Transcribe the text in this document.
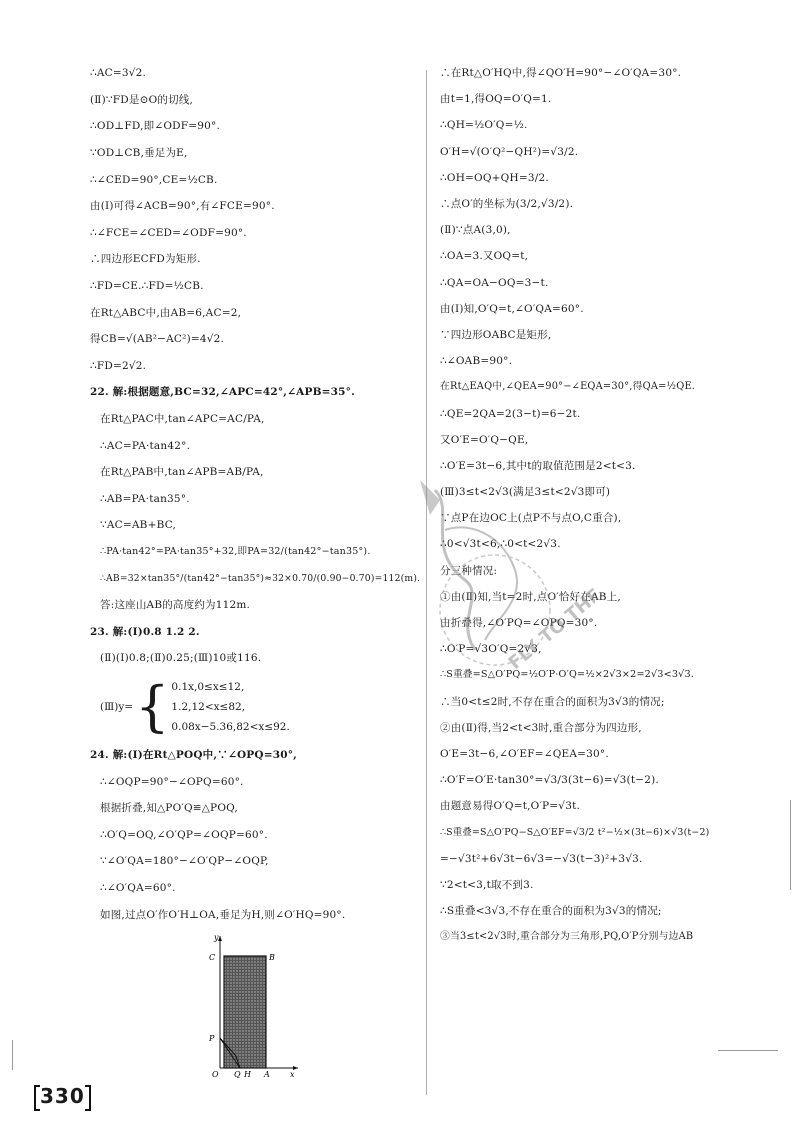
∴AC=3√2.
(Ⅱ)∵FD是⊙O的切线,
∴OD⊥FD,即∠ODF=90°.
∵OD⊥CB,垂足为E,
∴∠CED=90°,CE=½CB.
由(Ⅰ)可得∠ACB=90°,有∠FCE=90°.
∴∠FCE=∠CED=∠ODF=90°.
∴四边形ECFD为矩形.
∴FD=CE.∴FD=½CB.
在Rt△ABC中,由AB=6,AC=2,
得CB=√(AB²−AC²)=4√2.
∴FD=2√2.
22. 解:根据题意,BC=32,∠APC=42°,∠APB=35°.
在Rt△PAC中,tan∠APC=AC/PA,
∴AC=PA·tan42°.
在Rt△PAB中,tan∠APB=AB/PA,
∴AB=PA·tan35°.
∵AC=AB+BC,
∴PA·tan42°=PA·tan35°+32,即PA=32/(tan42°−tan35°).
∴AB=32×tan35°/(tan42°−tan35°)≈32×0.70/(0.90−0.70)=112(m).
答:这座山AB的高度约为112m.
23. 解:(Ⅰ)0.8 1.2 2.
(Ⅱ)(Ⅰ)0.8;(Ⅱ)0.25;(Ⅲ)10或116.
(Ⅲ)y= { 0.1x,0≤x≤12,
1.2,12<x≤82,
0.08x−5.36,82<x≤92.
24. 解:(Ⅰ)在Rt△POQ中,∵∠OPQ=30°,
∴∠OQP=90°−∠OPQ=60°.
根据折叠,知△PO′Q≌△POQ,
∴O′Q=OQ,∠O′QP=∠OQP=60°.
∵∠O′QA=180°−∠O′QP−∠OQP,
∴∠O′QA=60°.
如图,过点O′作O′H⊥OA,垂足为H,则∠O′HQ=90°.
y
C	B
P
O Q H A	x
∴在Rt△O′HQ中,得∠QO′H=90°−∠O′QA=30°.
由t=1,得OQ=O′Q=1.
∴QH=½O′Q=½.
O′H=√(O′Q²−QH²)=√3/2.
∴OH=OQ+QH=3/2.
∴点O′的坐标为(3/2,√3/2).
(Ⅱ)∵点A(3,0),
∴OA=3.又OQ=t,
∴QA=OA−OQ=3−t.
由(Ⅰ)知,O′Q=t,∠O′QA=60°.
∵四边形OABC是矩形,
∴∠OAB=90°.
在Rt△EAQ中,∠QEA=90°−∠EQA=30°,得QA=½QE.
∴QE=2QA=2(3−t)=6−2t.
又O′E=O′Q−QE,
∴O′E=3t−6,其中t的取值范围是2<t<3.
(Ⅲ)3≤t<2√3(满足3≤t<2√3即可)
∵点P在边OC上(点P不与点O,C重合),
∴0<√3t<6,∴0<t<2√3.
分三种情况:
①由(Ⅱ)知,当t=2时,点O′恰好在AB上,
由折叠得,∠O′PQ=∠OPQ=30°.
∴O′P=√3O′Q=2√3,
∴S重叠=S△O′PQ=½O′P·O′Q=½×2√3×2=2√3<3√3.
∴当0<t≤2时,不存在重合的面积为3√3的情况;
②由(Ⅱ)得,当2<t<3时,重合部分为四边形,
O′E=3t−6,∠O′EF=∠QEA=30°.
∴O′F=O′E·tan30°=√3/3(3t−6)=√3(t−2).
由题意易得O′Q=t,O′P=√3t.
∴S重叠=S△O′PQ−S△O′EF=√3/2 t²−½×(3t−6)×√3(t−2)
=−√3t²+6√3t−6√3=−√3(t−3)²+3√3.
∵2<t<3,t取不到3.
∴S重叠<3√3,不存在重合的面积为3√3的情况;
③当3≤t<2√3时,重合部分为三角形,PQ,O′P分别与边AB
FLY TO THE
330
